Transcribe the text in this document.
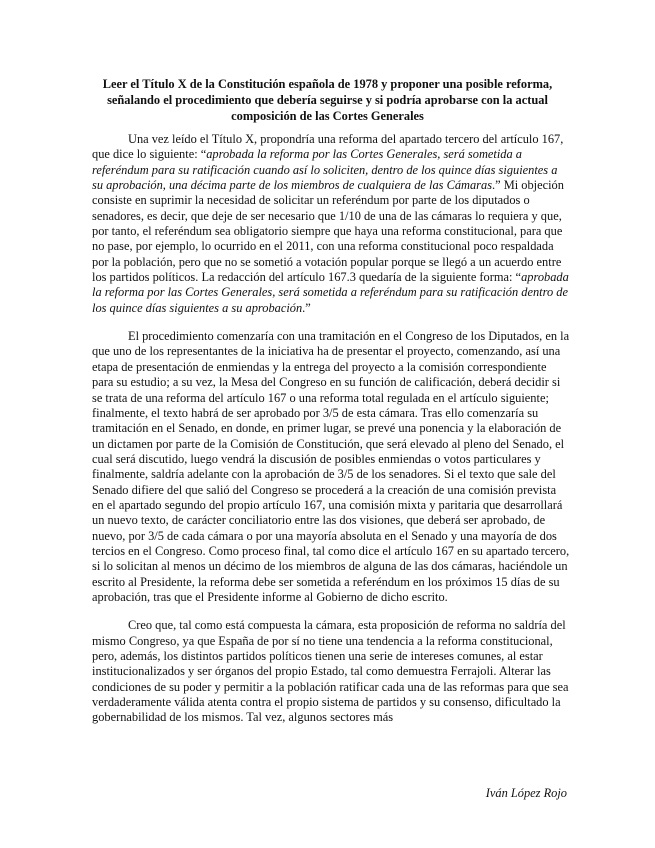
Leer el Título X de la Constitución española de 1978 y proponer una posible reforma, señalando el procedimiento que debería seguirse y si podría aprobarse con la actual composición de las Cortes Generales

Una vez leído el Título X, propondría una reforma del apartado tercero del artículo 167, que dice lo siguiente: “aprobada la reforma por las Cortes Generales, será sometida a referéndum para su ratificación cuando así lo soliciten, dentro de los quince días siguientes a su aprobación, una décima parte de los miembros de cualquiera de las Cámaras.” Mi objeción consiste en suprimir la necesidad de solicitar un referéndum por parte de los diputados o senadores, es decir, que deje de ser necesario que 1/10 de una de las cámaras lo requiera y que, por tanto, el referéndum sea obligatorio siempre que haya una reforma constitucional, para que no pase, por ejemplo, lo ocurrido en el 2011, con una reforma constitucional poco respaldada por la población, pero que no se sometió a votación popular porque se llegó a un acuerdo entre los partidos políticos. La redacción del artículo 167.3 quedaría de la siguiente forma: “aprobada la reforma por las Cortes Generales, será sometida a referéndum para su ratificación dentro de los quince días siguientes a su aprobación.”

El procedimiento comenzaría con una tramitación en el Congreso de los Diputados, en la que uno de los representantes de la iniciativa ha de presentar el proyecto, comenzando, así una etapa de presentación de enmiendas y la entrega del proyecto a la comisión correspondiente para su estudio; a su vez, la Mesa del Congreso en su función de calificación, deberá decidir si se trata de una reforma del artículo 167 o una reforma total regulada en el artículo siguiente; finalmente, el texto habrá de ser aprobado por 3/5 de esta cámara. Tras ello comenzaría su tramitación en el Senado, en donde, en primer lugar, se prevé una ponencia y la elaboración de un dictamen por parte de la Comisión de Constitución, que será elevado al pleno del Senado, el cual será discutido, luego vendrá la discusión de posibles enmiendas o votos particulares y finalmente, saldría adelante con la aprobación de 3/5 de los senadores. Si el texto que sale del Senado difiere del que salió del Congreso se procederá a la creación de una comisión prevista en el apartado segundo del propio artículo 167, una comisión mixta y paritaria que desarrollará un nuevo texto, de carácter conciliatorio entre las dos visiones, que deberá ser aprobado, de nuevo, por 3/5 de cada cámara o por una mayoría absoluta en el Senado y una mayoría de dos tercios en el Congreso. Como proceso final, tal como dice el artículo 167 en su apartado tercero, si lo solicitan al menos un décimo de los miembros de alguna de las dos cámaras, haciéndole un escrito al Presidente, la reforma debe ser sometida a referéndum en los próximos 15 días de su aprobación, tras que el Presidente informe al Gobierno de dicho escrito.

Creo que, tal como está compuesta la cámara, esta proposición de reforma no saldría del mismo Congreso, ya que España de por sí no tiene una tendencia a la reforma constitucional, pero, además, los distintos partidos políticos tienen una serie de intereses comunes, al estar institucionalizados y ser órganos del propio Estado, tal como demuestra Ferrajoli. Alterar las condiciones de su poder y permitir a la población ratificar cada una de las reformas para que sea verdaderamente válida atenta contra el propio sistema de partidos y su consenso, dificultado la gobernabilidad de los mismos. Tal vez, algunos sectores más

Iván López Rojo
